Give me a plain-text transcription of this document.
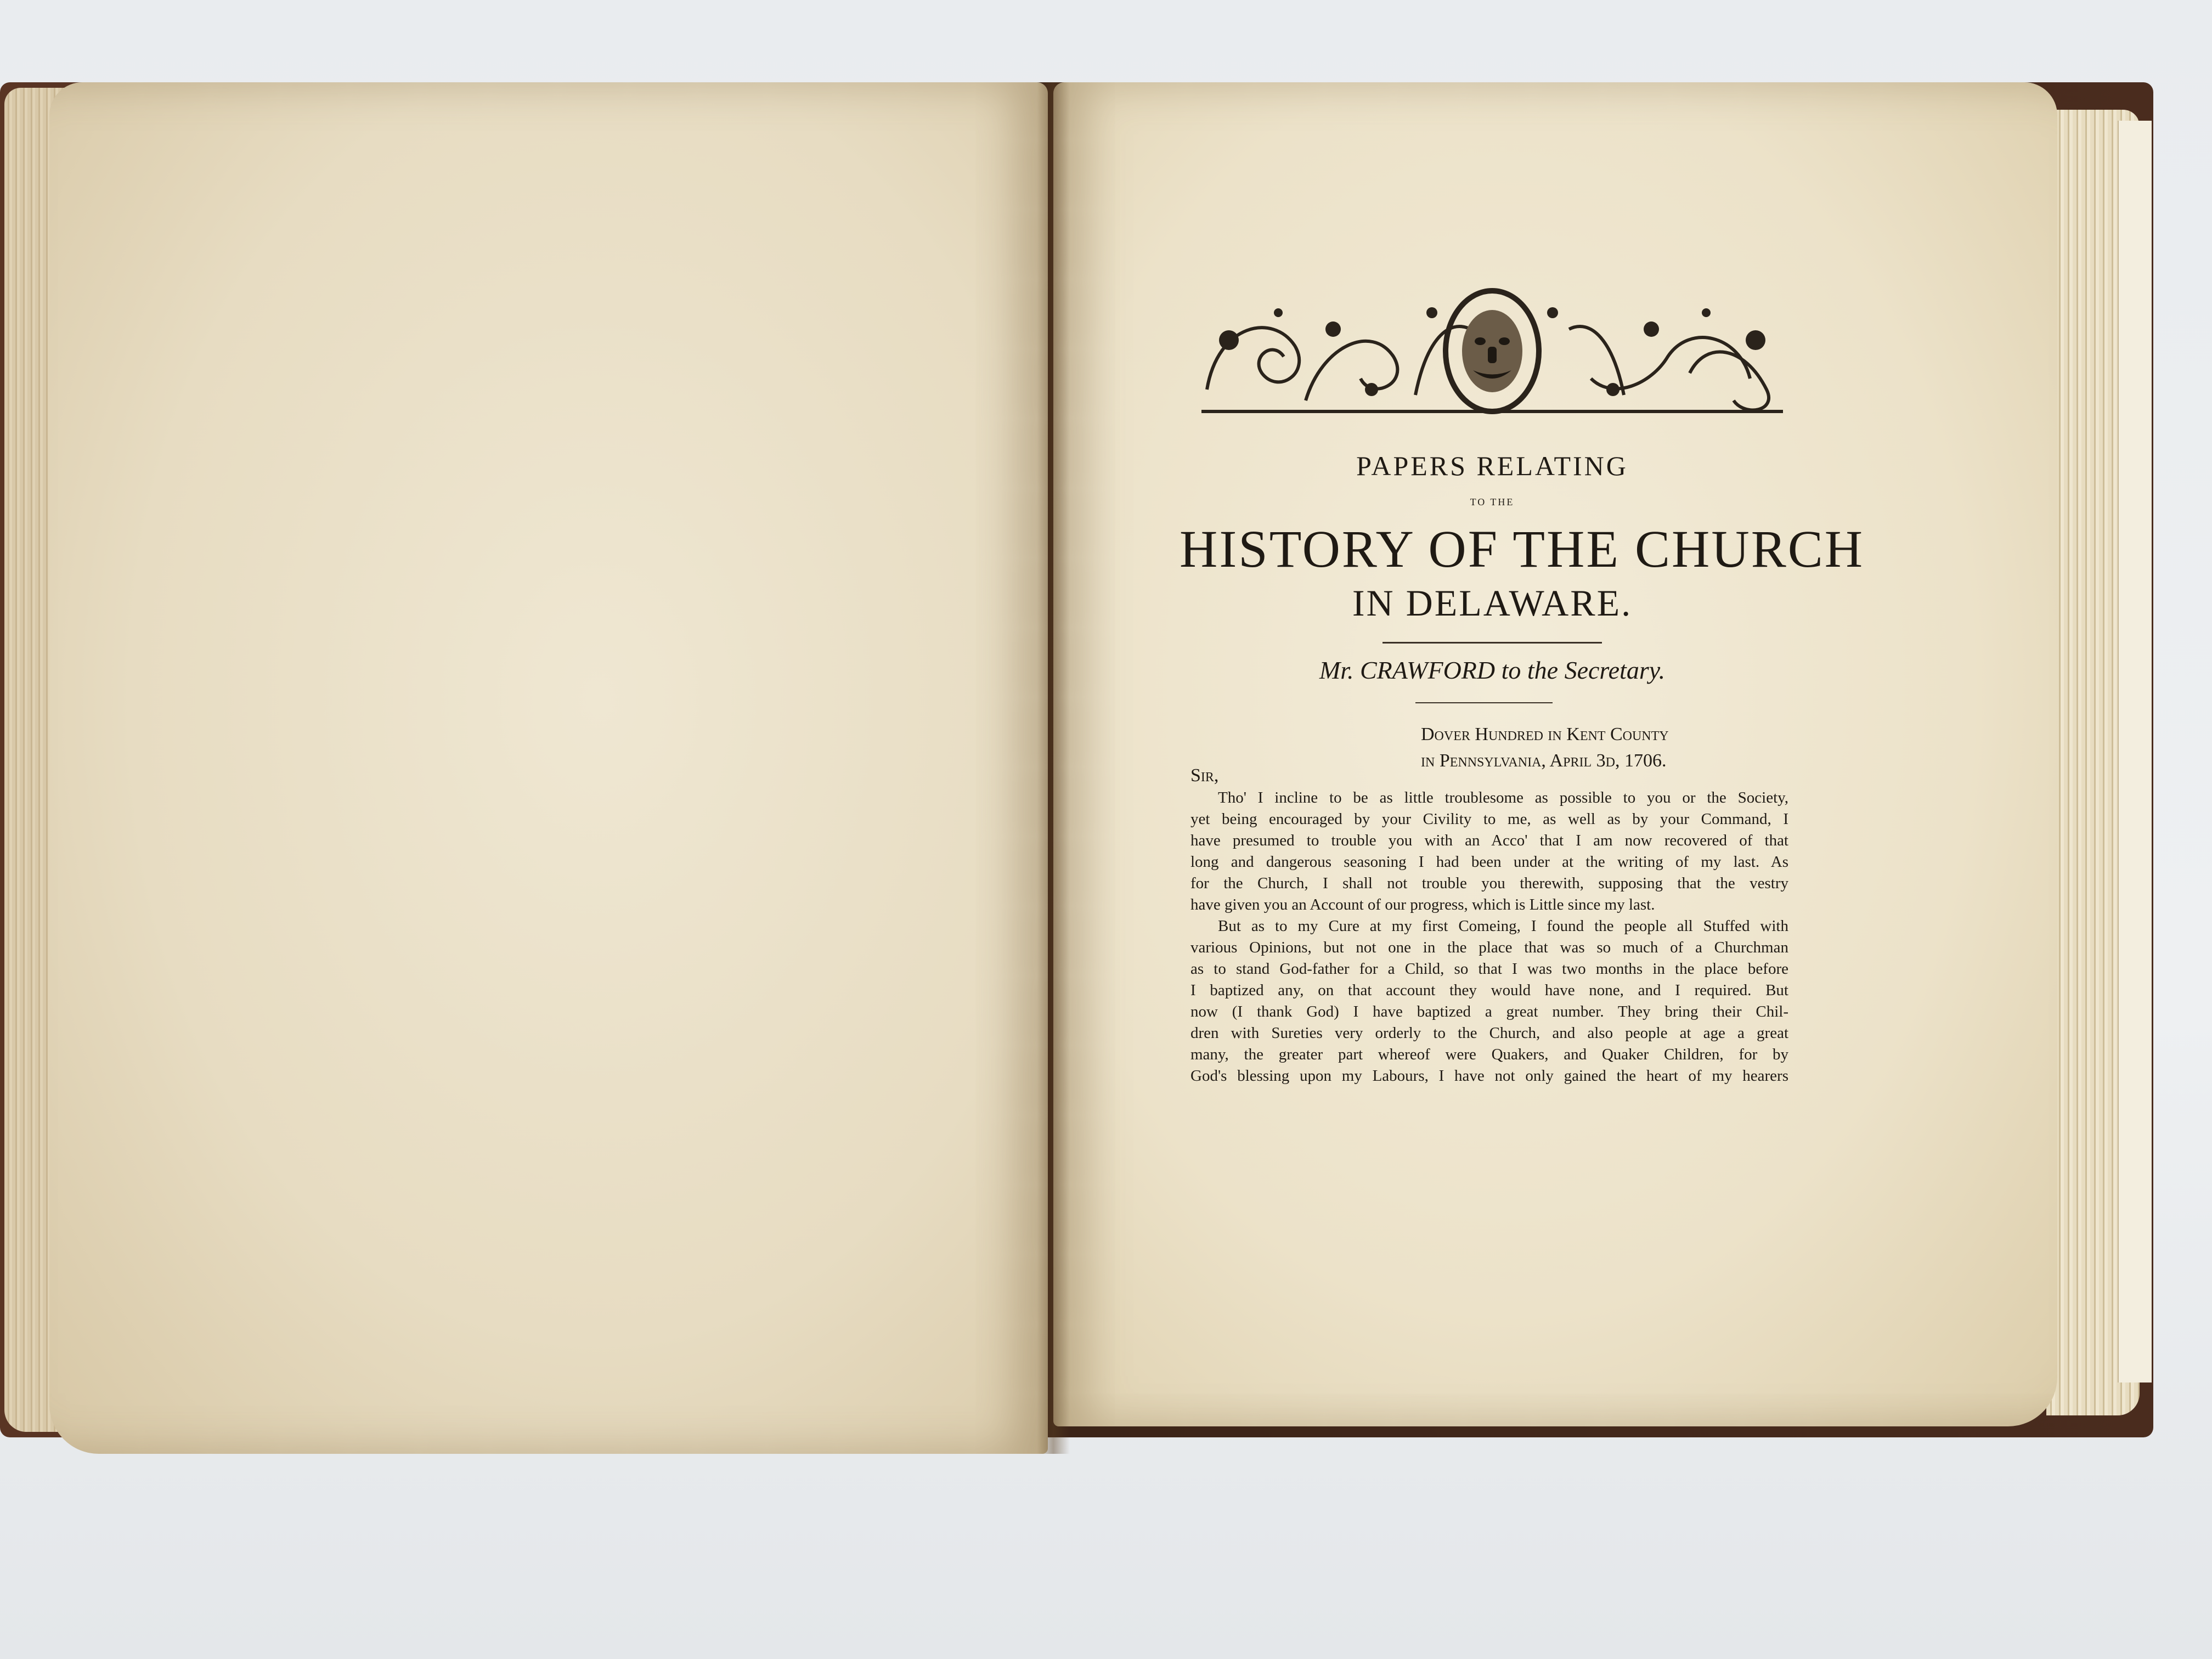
PAPERS RELATING
TO THE
HISTORY OF THE CHURCH
IN DELAWARE.
Mr. CRAWFORD to the Secretary.
Dover Hundred in Kent County
in Pennsylvania, April 3d, 1706.
Sir,
Tho' I incline to be as little troublesome as possible to you or the Society,
yet being encouraged by your Civility to me, as well as by your Command, I
have presumed to trouble you with an Acco' that I am now recovered of that
long and dangerous seasoning I had been under at the writing of my last. As
for the Church, I shall not trouble you therewith, supposing that the vestry
have given you an Account of our progress, which is Little since my last.
But as to my Cure at my first Comeing, I found the people all Stuffed with
various Opinions, but not one in the place that was so much of a Churchman
as to stand God-father for a Child, so that I was two months in the place before
I baptized any, on that account they would have none, and I required. But
now (I thank God) I have baptized a great number. They bring their Chil-
dren with Sureties very orderly to the Church, and also people at age a great
many, the greater part whereof were Quakers, and Quaker Children, for by
God's blessing upon my Labours, I have not only gained the heart of my hearers
